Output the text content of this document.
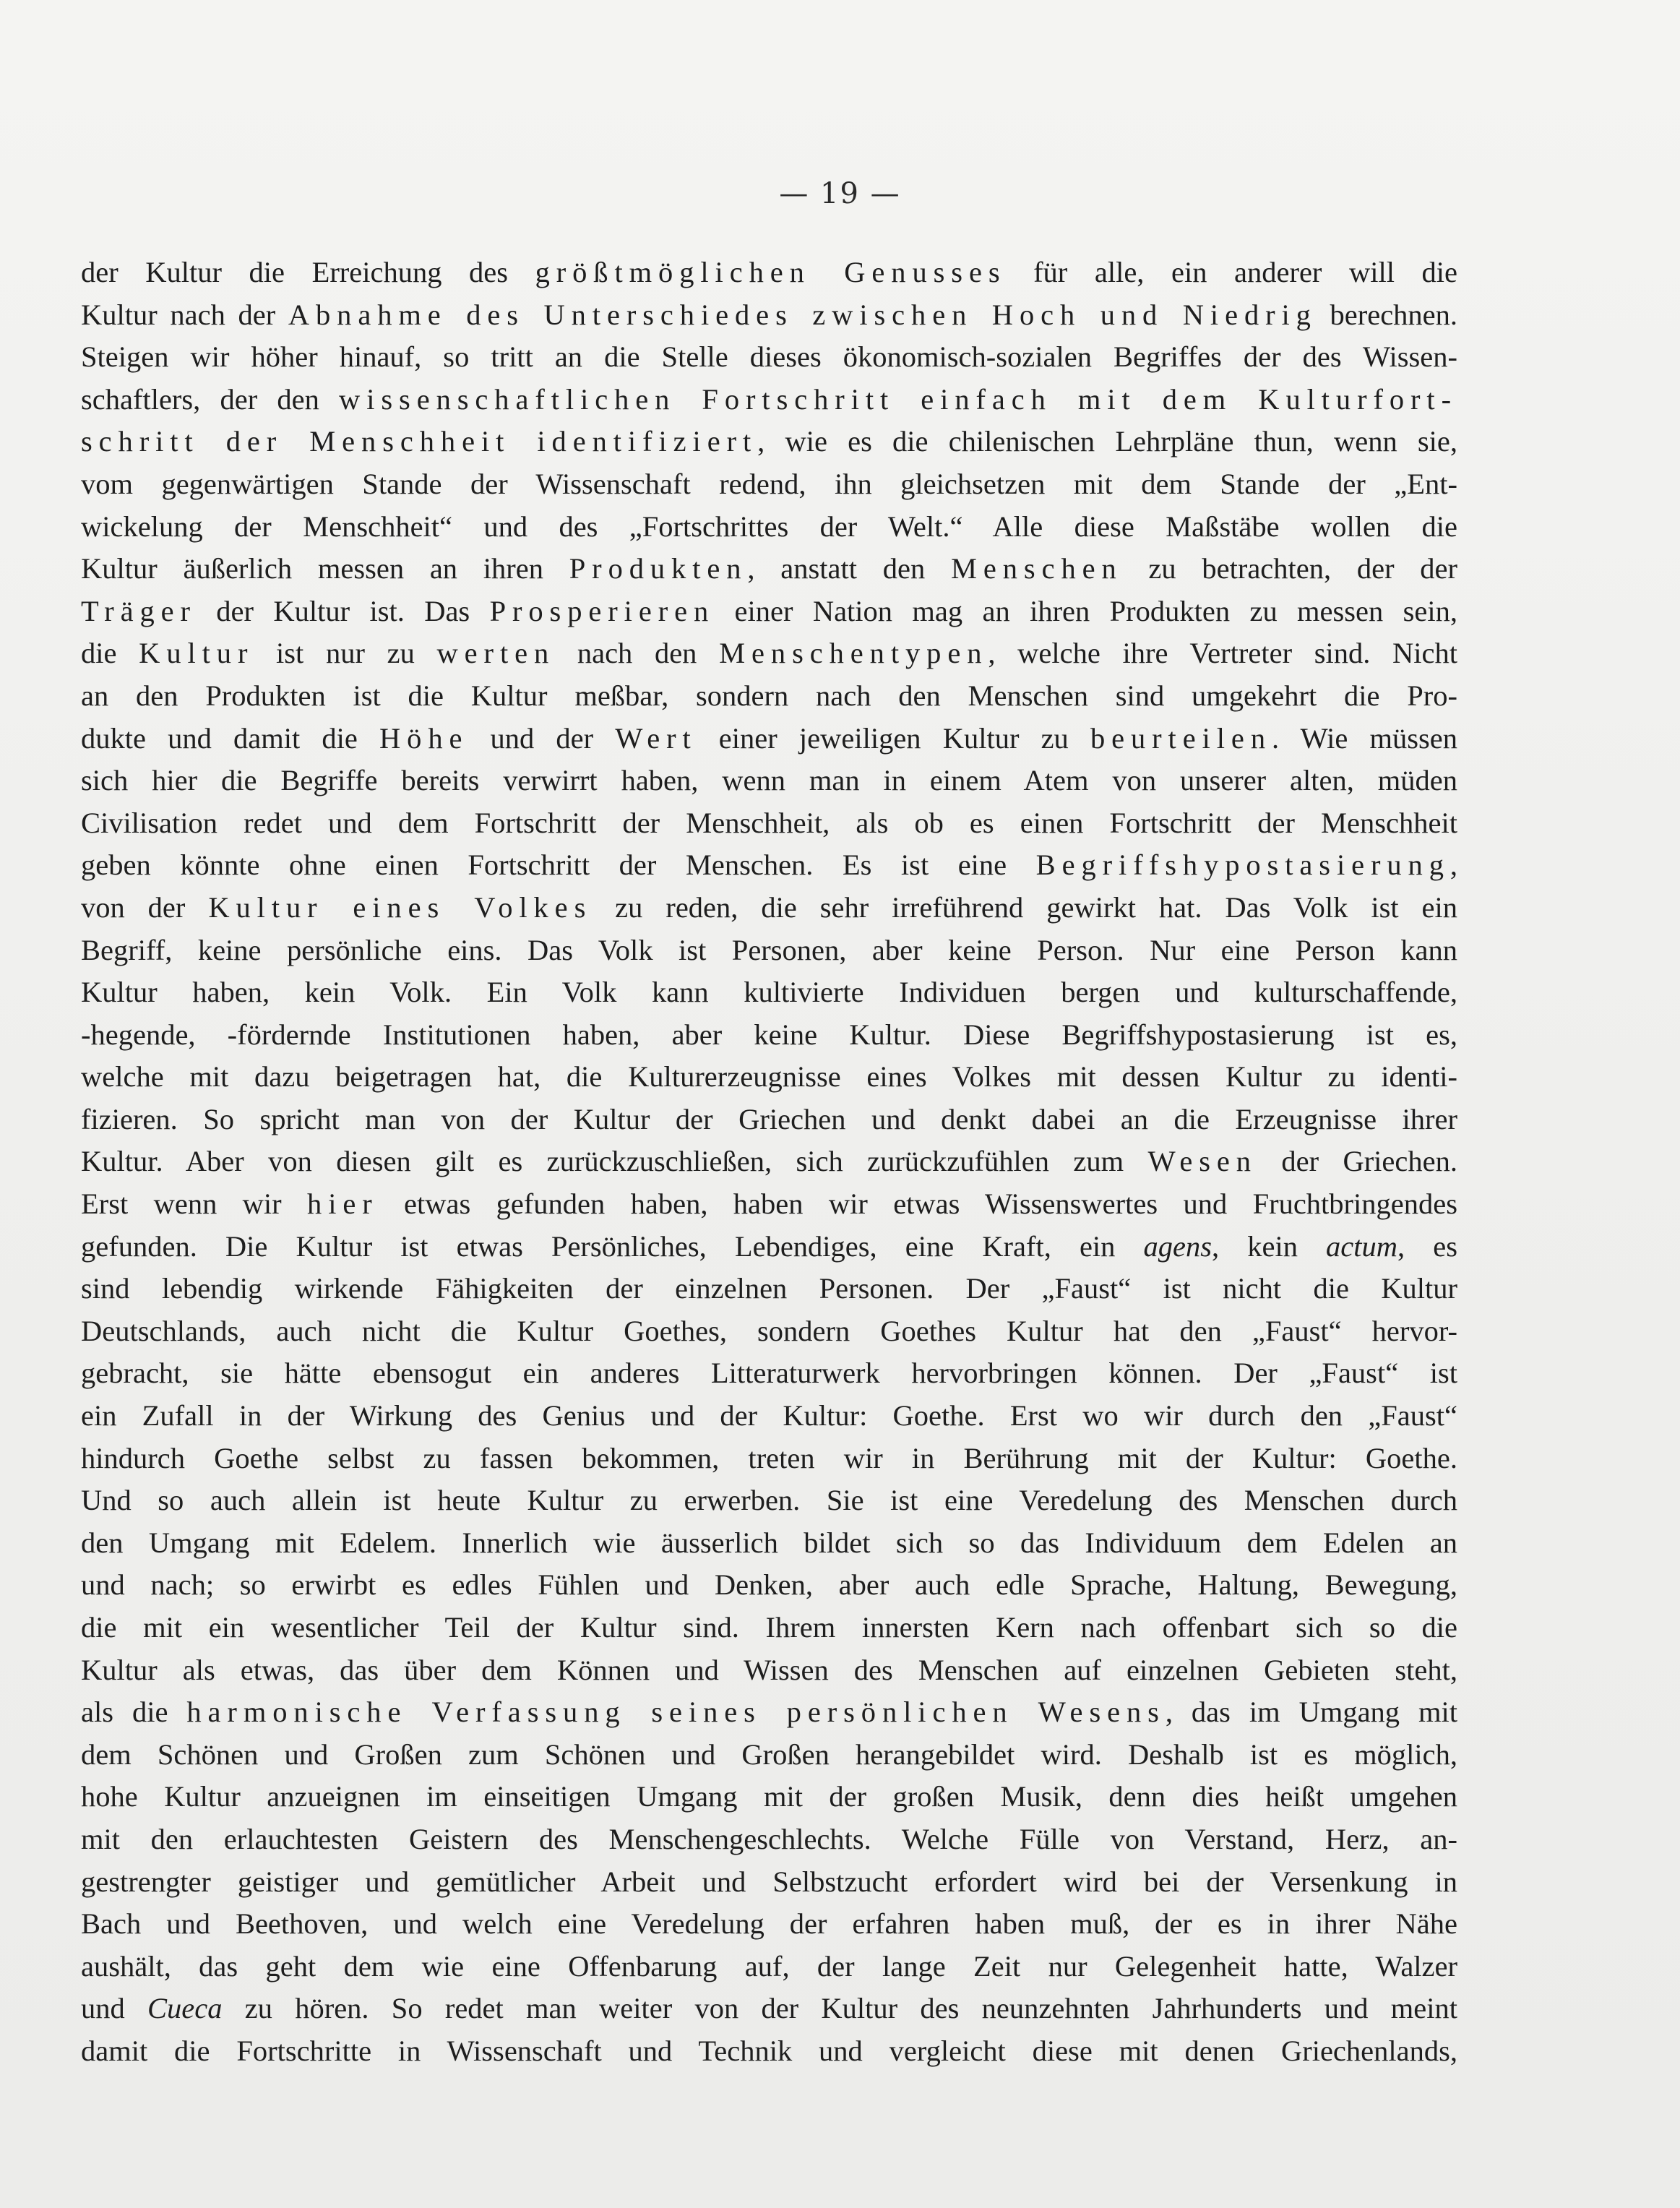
— 19 —
der Kultur die Erreichung des größtmöglichen Genusses für alle, ein anderer will die
Kultur nach der Abnahme des Unterschiedes zwischen Hoch und Niedrig berechnen.
Steigen wir höher hinauf, so tritt an die Stelle dieses ökonomisch-sozialen Begriffes der des Wissen-
schaftlers, der den wissenschaftlichen Fortschritt einfach mit dem Kulturfort-
schritt der Menschheit identifiziert, wie es die chilenischen Lehrpläne thun, wenn sie,
vom gegenwärtigen Stande der Wissenschaft redend, ihn gleichsetzen mit dem Stande der „Ent-
wickelung der Menschheit“ und des „Fortschrittes der Welt.“ Alle diese Maßstäbe wollen die
Kultur äußerlich messen an ihren Produkten, anstatt den Menschen zu betrachten, der der
Träger der Kultur ist. Das Prosperieren einer Nation mag an ihren Produkten zu messen sein,
die Kultur ist nur zu werten nach den Menschentypen, welche ihre Vertreter sind. Nicht
an den Produkten ist die Kultur meßbar, sondern nach den Menschen sind umgekehrt die Pro-
dukte und damit die Höhe und der Wert einer jeweiligen Kultur zu beurteilen. Wie müssen
sich hier die Begriffe bereits verwirrt haben, wenn man in einem Atem von unserer alten, müden
Civilisation redet und dem Fortschritt der Menschheit, als ob es einen Fortschritt der Menschheit
geben könnte ohne einen Fortschritt der Menschen. Es ist eine Begriffshypostasierung,
von der Kultur eines Volkes zu reden, die sehr irreführend gewirkt hat. Das Volk ist ein
Begriff, keine persönliche eins. Das Volk ist Personen, aber keine Person. Nur eine Person kann
Kultur haben, kein Volk. Ein Volk kann kultivierte Individuen bergen und kulturschaffende,
-hegende, -fördernde Institutionen haben, aber keine Kultur. Diese Begriffshypostasierung ist es,
welche mit dazu beigetragen hat, die Kulturerzeugnisse eines Volkes mit dessen Kultur zu identi-
fizieren. So spricht man von der Kultur der Griechen und denkt dabei an die Erzeugnisse ihrer
Kultur. Aber von diesen gilt es zurückzuschließen, sich zurückzufühlen zum Wesen der Griechen.
Erst wenn wir hier etwas gefunden haben, haben wir etwas Wissenswertes und Fruchtbringendes
gefunden. Die Kultur ist etwas Persönliches, Lebendiges, eine Kraft, ein agens, kein actum, es
sind lebendig wirkende Fähigkeiten der einzelnen Personen. Der „Faust“ ist nicht die Kultur
Deutschlands, auch nicht die Kultur Goethes, sondern Goethes Kultur hat den „Faust“ hervor-
gebracht, sie hätte ebensogut ein anderes Litteraturwerk hervorbringen können. Der „Faust“ ist
ein Zufall in der Wirkung des Genius und der Kultur: Goethe. Erst wo wir durch den „Faust“
hindurch Goethe selbst zu fassen bekommen, treten wir in Berührung mit der Kultur: Goethe.
Und so auch allein ist heute Kultur zu erwerben. Sie ist eine Veredelung des Menschen durch
den Umgang mit Edelem. Innerlich wie äusserlich bildet sich so das Individuum dem Edelen an
und nach; so erwirbt es edles Fühlen und Denken, aber auch edle Sprache, Haltung, Bewegung,
die mit ein wesentlicher Teil der Kultur sind. Ihrem innersten Kern nach offenbart sich so die
Kultur als etwas, das über dem Können und Wissen des Menschen auf einzelnen Gebieten steht,
als die harmonische Verfassung seines persönlichen Wesens, das im Umgang mit
dem Schönen und Großen zum Schönen und Großen herangebildet wird. Deshalb ist es möglich,
hohe Kultur anzueignen im einseitigen Umgang mit der großen Musik, denn dies heißt umgehen
mit den erlauchtesten Geistern des Menschengeschlechts. Welche Fülle von Verstand, Herz, an-
gestrengter geistiger und gemütlicher Arbeit und Selbstzucht erfordert wird bei der Versenkung in
Bach und Beethoven, und welch eine Veredelung der erfahren haben muß, der es in ihrer Nähe
aushält, das geht dem wie eine Offenbarung auf, der lange Zeit nur Gelegenheit hatte, Walzer
und Cueca zu hören. So redet man weiter von der Kultur des neunzehnten Jahrhunderts und meint
damit die Fortschritte in Wissenschaft und Technik und vergleicht diese mit denen Griechenlands,
